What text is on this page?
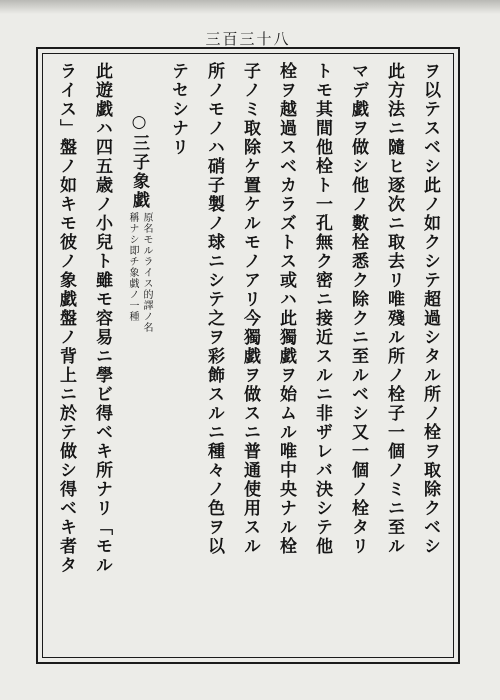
三百三十八
ヲ以テスベシ此ノ如クシテ超過シタル所ノ栓ヲ取除クベシ
此方法ニ隨ヒ逐次ニ取去リ唯殘ル所ノ栓子一個ノミニ至ル
マデ戯ヲ做シ他ノ數栓悉ク除クニ至ルベシ又一個ノ栓タリ
トモ其間他栓ト一孔無ク密ニ接近スルニ非ザレバ決シテ他
栓ヲ越過スベカラズトス或ハ此獨戯ヲ始ムル唯中央ナル栓
子ノミ取除ケ置ケルモノアリ今獨戯ヲ做スニ普通使用スル
所ノモノハ硝子製ノ球ニシテ之ヲ彩飾スルニ種々ノ色ヲ以
テセシナリ
○三子象戯
原名モルライス的譯ノ名
稱ナシ即チ象戯ノ一種
此遊戯ハ四五歳ノ小兒ト雖モ容易ニ學ビ得ベキ所ナリ「モル
ライス」盤ノ如キモ彼ノ象戯盤ノ背上ニ於テ做シ得ベキ者タ
